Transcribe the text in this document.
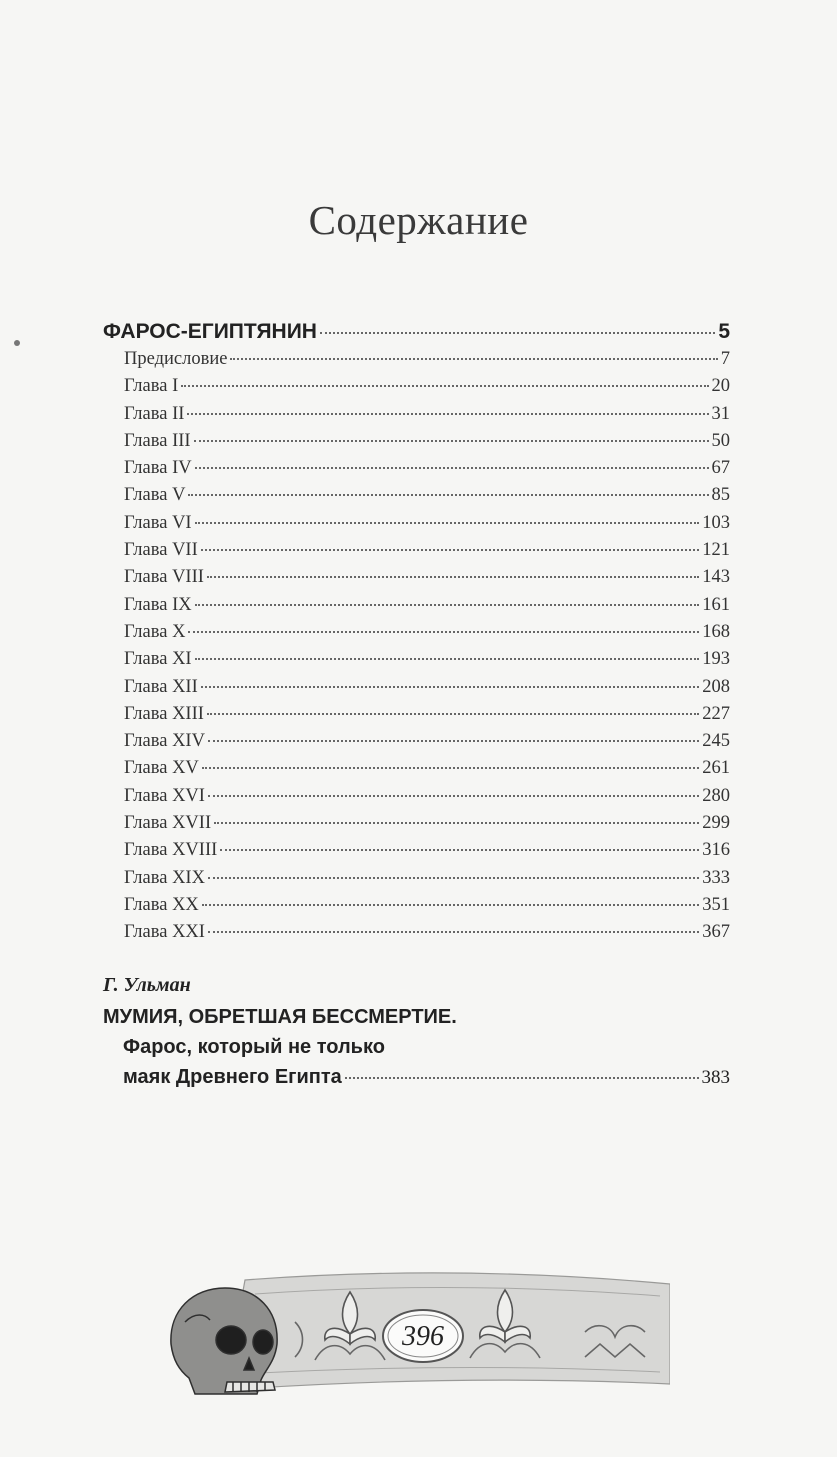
Содержание
ФАРОС-ЕГИПТЯНИН	5
Предисловие	7
Глава I	20
Глава II	31
Глава III	50
Глава IV	67
Глава V	85
Глава VI	103
Глава VII	121
Глава VIII	143
Глава IX	161
Глава X	168
Глава XI	193
Глава XII	208
Глава XIII	227
Глава XIV	245
Глава XV	261
Глава XVI	280
Глава XVII	299
Глава XVIII	316
Глава XIX	333
Глава XX	351
Глава XXI	367
Г. Ульман
МУМИЯ, ОБРЕТШАЯ БЕССМЕРТИЕ.
Фарос, который не только
маяк Древнего Египта	383
396
